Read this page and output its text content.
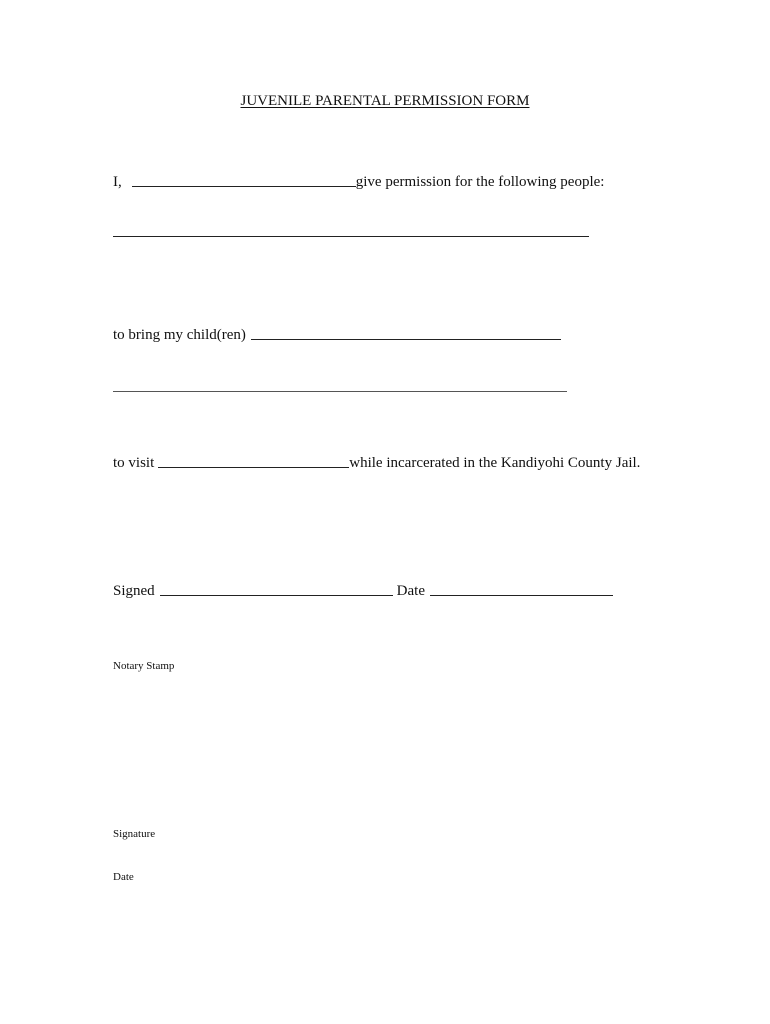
JUVENILE PARENTAL PERMISSION FORM
I,	give permission for the following people:
to bring my child(ren)
to visit	while incarcerated in the Kandiyohi County Jail.
Signed	Date
Notary Stamp
Signature
Date
